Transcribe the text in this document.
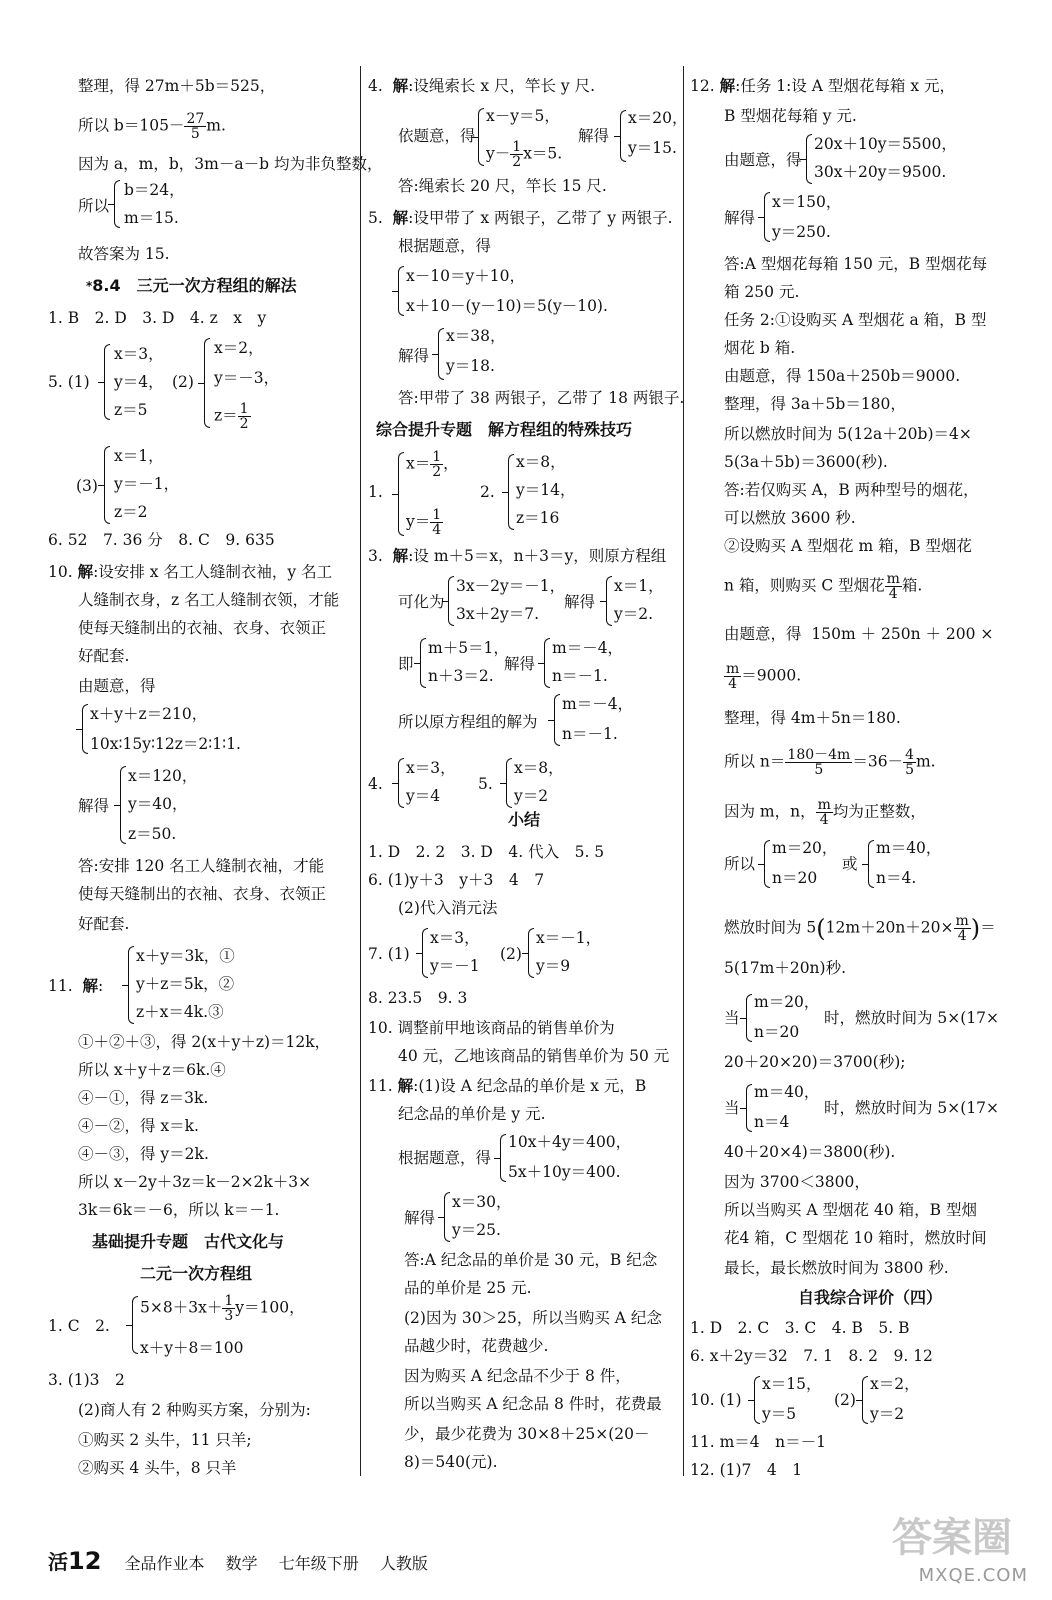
整理，得 27m＋5b＝525，
所以 $b=105- \frac{27}{5} m$.
因为 a，m，b，3m－a－b 均为非负整数，
所以
b＝24，
m＝15.
故答案为 15.
*8.4　三元一次方程组的解法
1. B　2. D　3. D　4. z　x　y
5. (1)
x＝3，
y＝4，
z＝5
(2)
x＝2，
y＝－3，
$z= \frac{1}{2}$
(3)
x＝1，
y＝－1，
z＝2
6. 52　7. 36 分　8. C　9. 635
10. 解:设安排 x 名工人缝制衣袖，y 名工
人缝制衣身，z 名工人缝制衣领，才能
使每天缝制出的衣袖、衣身、衣领正
好配套.
由题意，得
x＋y＋z＝210，
10x∶15y∶12z＝2∶1∶1.
解得
x＝120，
y＝40，
z＝50.
答:安排 120 名工人缝制衣袖，才能
使每天缝制出的衣袖、衣身、衣领正
好配套.
11. 解:
x＋y＝3k，①
y＋z＝5k，②
z＋x＝4k.③
①＋②＋③，得 2(x＋y＋z)＝12k，
所以 x＋y＋z＝6k.④
④－①，得 z＝3k.
④－②，得 x＝k.
④－③，得 y＝2k.
所以 x－2y＋3z＝k－2×2k＋3×
3k＝6k＝－6，所以 k＝－1.
基础提升专题　古代文化与
二元一次方程组
1. C　2.
$5\times 8+3x+ \frac{1}{3} y=100$，
x＋y＋8＝100
3. (1)3　2
(2)商人有 2 种购买方案，分别为:
①购买 2 头牛，11 只羊;
②购买 4 头牛，8 只羊
4. 解:设绳索长 x 尺，竿长 y 尺.
依题意，得
x－y＝5，
$y- \frac{1}{2} x=5$.
解得
x＝20，
y＝15.
答:绳索长 20 尺，竿长 15 尺.
5. 解:设甲带了 x 两银子，乙带了 y 两银子.
根据题意，得
x－10＝y＋10，
x＋10－(y－10)＝5(y－10).
解得
x＝38，
y＝18.
答:甲带了 38 两银子，乙带了 18 两银子.
综合提升专题　解方程组的特殊技巧
1.
$x= \frac{1}{2}$ ，
$y= \frac{1}{4}$
2.
x＝8，
y＝14，
z＝16
3. 解:设 m＋5＝x，n＋3＝y，则原方程组
可化为
3x－2y＝－1，
3x＋2y＝7.
解得
x＝1，
y＝2.
即
m＋5＝1，
n＋3＝2.
解得
m＝－4，
n＝－1.
所以原方程组的解为
m＝－4，
n＝－1.
4.
x＝3，
y＝4
5.
x＝8，
y＝2
小结
1. D　2. 2　3. D　4. 代入　5. 5
6. (1)y＋3　y＋3　4　7
(2)代入消元法
7. (1)
x＝3，
y＝－1
(2)
x＝－1，
y＝9
8. 23.5　9. 3
10. 调整前甲地该商品的销售单价为
40 元，乙地该商品的销售单价为 50 元
11. 解:(1)设 A 纪念品的单价是 x 元，B
纪念品的单价是 y 元.
根据题意，得
10x＋4y＝400，
5x＋10y＝400.
解得
x＝30，
y＝25.
答:A 纪念品的单价是 30 元，B 纪念
品的单价是 25 元.
(2)因为 30＞25，所以当购买 A 纪念
品越少时，花费越少.
因为购买 A 纪念品不少于 8 件，
所以当购买 A 纪念品 8 件时，花费最
少，最少花费为 30×8＋25×(20－
8)＝540(元).
12. 解:任务 1:设 A 型烟花每箱 x 元，
B 型烟花每箱 y 元.
由题意，得
20x＋10y＝5500，
30x＋20y＝9500.
解得
x＝150，
y＝250.
答:A 型烟花每箱 150 元，B 型烟花每
箱 250 元.
任务 2:①设购买 A 型烟花 a 箱，B 型
烟花 b 箱.
由题意，得 150a＋250b＝9000.
整理，得 3a＋5b＝180，
所以燃放时间为 5(12a＋20b)＝4×
5(3a＋5b)＝3600(秒).
答:若仅购买 A，B 两种型号的烟花，
可以燃放 3600 秒.
②设购买 A 型烟花 m 箱，B 型烟花
n 箱，则购买 C 型烟花 $\frac{m}{4}$ 箱.
由题意，得  150m ＋ 250n ＋ 200 ×
$\frac{m}{4} =9000$.
整理，得 4m＋5n＝180.
所以 $n= \frac{180-4m}{5} =36- \frac{4}{5} m$.
因为 m，n， $\frac{m}{4}$ 均为正整数，
所以
m＝20，
n＝20
或
m＝40，
n＝4.
燃放时间为 $5(12m+20n+20\times \frac{m}{4}$ )＝
5(17m＋20n)秒.
当
m＝20，
n＝20
时，燃放时间为 5×(17×
20＋20×20)＝3700(秒);
当
m＝40，
n＝4
时，燃放时间为 5×(17×
40＋20×4)＝3800(秒).
因为 3700＜3800，
所以当购买 A 型烟花 40 箱，B 型烟
花4 箱，C 型烟花 10 箱时，燃放时间
最长，最长燃放时间为 3800 秒.
自我综合评价（四）
1. D　2. C　3. C　4. B　5. B
6. x＋2y＝32　7. 1　8. 2　9. 12
10. (1)
x＝15，
y＝5
(2)
x＝2，
y＝2
11. m＝4　n＝－1
12. (1)7　4　1
活12 全品作业本 数学 七年级下册 人教版
答案圈
MXQE.COM
